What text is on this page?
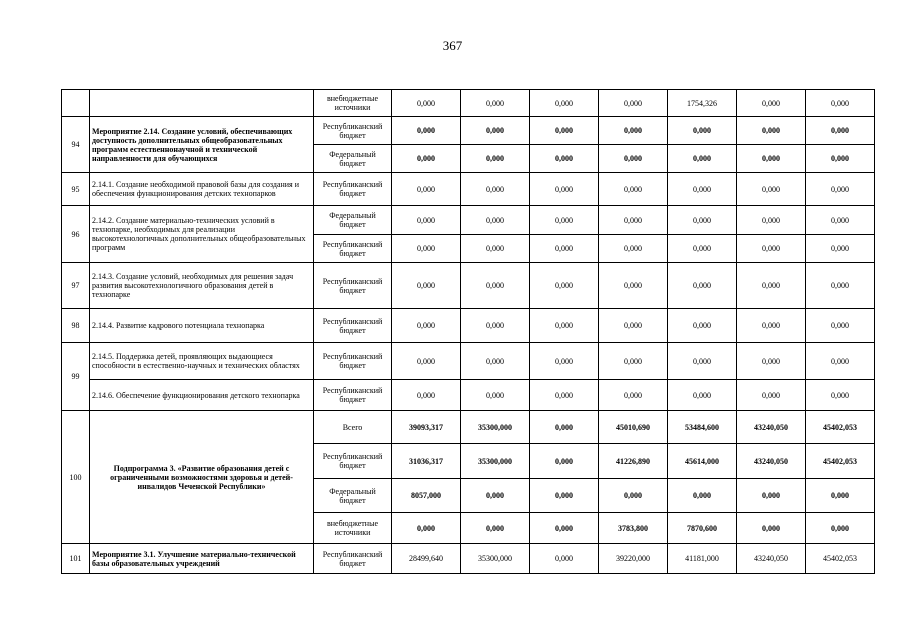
367
		внебюджетные источники	0,000	0,000	0,000	0,000	1754,326	0,000	0,000
94	Мероприятие 2.14. Создание условий, обеспечивающих доступность дополнительных общеобразовательных программ естественнонаучной и технической направленности для обучающихся	Республиканский бюджет	0,000	0,000	0,000	0,000	0,000	0,000	0,000
		Федеральный бюджет	0,000	0,000	0,000	0,000	0,000	0,000	0,000
95	2.14.1. Создание необходимой правовой базы для создания и обеспечения функционирования детских технопарков	Республиканский бюджет	0,000	0,000	0,000	0,000	0,000	0,000	0,000
96	2.14.2. Создание материально-технических условий в технопарке, необходимых для реализации высокотехнологичных дополнительных общеобразовательных программ	Федеральный бюджет	0,000	0,000	0,000	0,000	0,000	0,000	0,000
		Республиканский бюджет	0,000	0,000	0,000	0,000	0,000	0,000	0,000
97	2.14.3. Создание условий, необходимых для решения задач развития высокотехнологичного образования детей в технопарке	Республиканский бюджет	0,000	0,000	0,000	0,000	0,000	0,000	0,000
98	2.14.4. Развитие кадрового потенциала технопарка	Республиканский бюджет	0,000	0,000	0,000	0,000	0,000	0,000	0,000
99	2.14.5. Поддержка детей, проявляющих выдающиеся способности в естественно-научных и технических областях	Республиканский бюджет	0,000	0,000	0,000	0,000	0,000	0,000	0,000
	2.14.6. Обеспечение функционирования детского технопарка	Республиканский бюджет	0,000	0,000	0,000	0,000	0,000	0,000	0,000
100	Подпрограмма 3. «Развитие образования детей с ограниченными возможностями здоровья и детей-инвалидов Чеченской Республики»	Всего	39093,317	35300,000	0,000	45010,690	53484,600	43240,050	45402,053
		Республиканский бюджет	31036,317	35300,000	0,000	41226,890	45614,000	43240,050	45402,053
		Федеральный бюджет	8057,000	0,000	0,000	0,000	0,000	0,000	0,000
		внебюджетные источники	0,000	0,000	0,000	3783,800	7870,600	0,000	0,000
101	Мероприятие 3.1. Улучшение материально-технической базы образовательных учреждений	Республиканский бюджет	28499,640	35300,000	0,000	39220,000	41181,000	43240,050	45402,053
